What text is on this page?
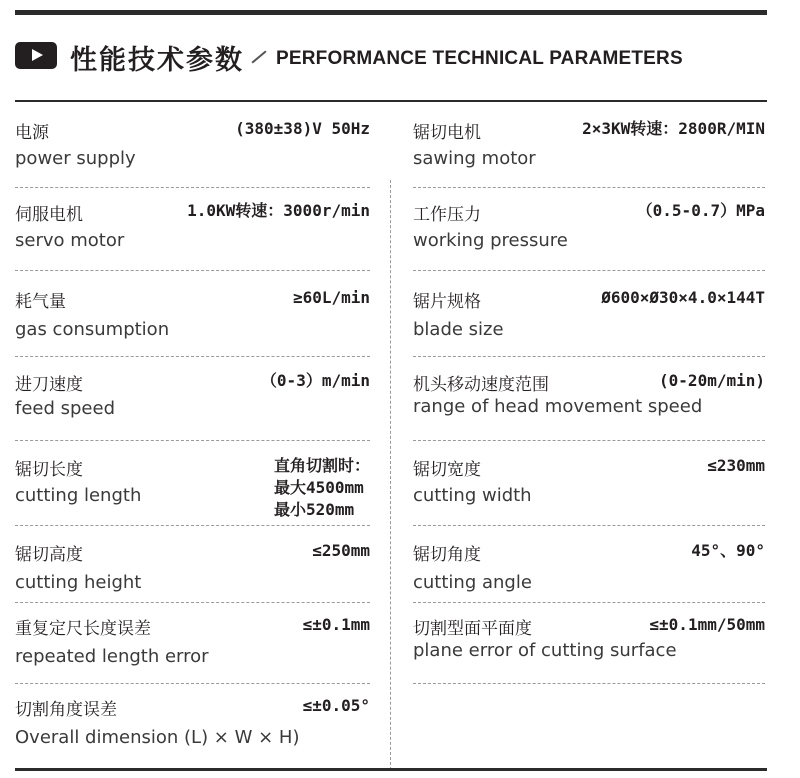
性能技术参数 PERFORMANCE TECHNICAL PARAMETERS
电源
power supply
(380±38)V 50Hz
伺服电机
servo motor
1.0KW转速：3000r/min
耗气量
gas consumption
≥60L/min
进刀速度
feed speed
（0-3）m/min
锯切长度
cutting length
直角切割时：
最大4500mm
最小520mm
锯切高度
cutting height
≤250mm
重复定尺长度误差
repeated length error
≤±0.1mm
切割角度误差
Overall dimension (L) × W × H)
≤±0.05°
锯切电机
sawing motor
2×3KW转速：2800R/MIN
工作压力
working pressure
（0.5-0.7）MPa
锯片规格
blade size
Ø600×Ø30×4.0×144T
机头移动速度范围
range of head movement speed
(0-20m/min)
锯切宽度
cutting width
≤230mm
锯切角度
cutting angle
45°、90°
切割型面平面度
plane error of cutting surface
≤±0.1mm/50mm
